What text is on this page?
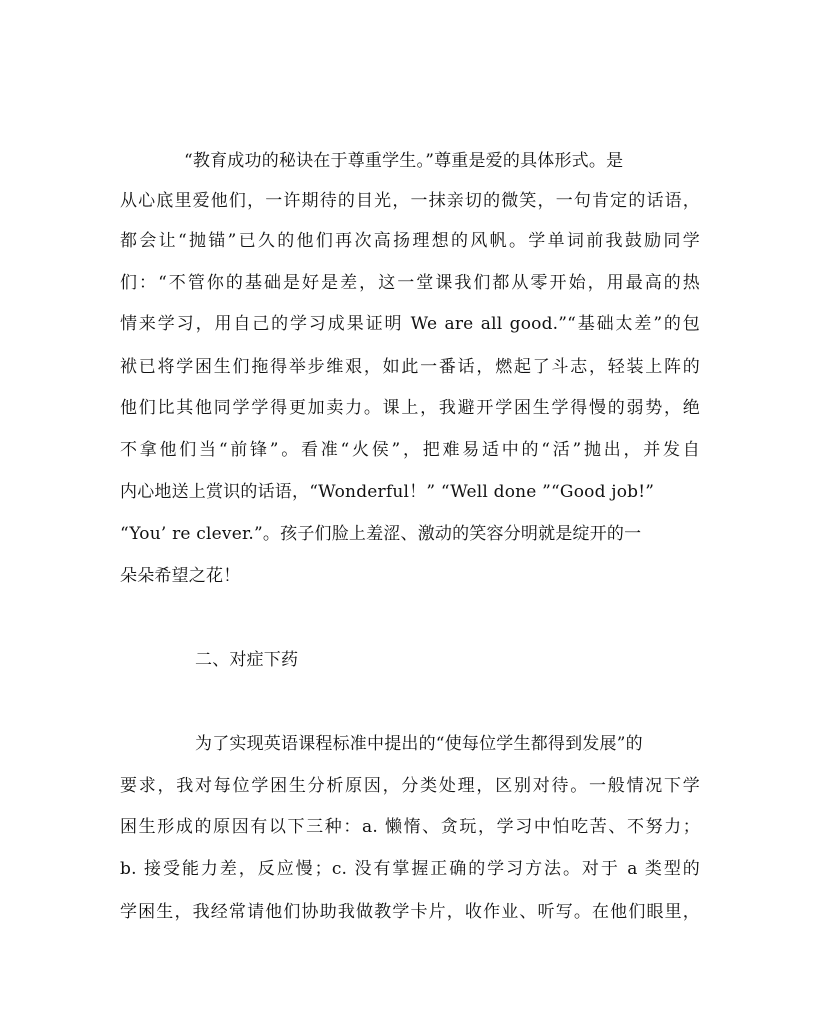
“教育成功的秘诀在于尊重学生。”尊重是爱的具体形式。是
从心底里爱他们，一许期待的目光，一抹亲切的微笑，一句肯定的话语，
都会让“抛锚”已久的他们再次高扬理想的风帆。学单词前我鼓励同学
们：“不管你的基础是好是差，这一堂课我们都从零开始，用最高的热
情来学习，用自己的学习成果证明 We are all good.”“基础太差”的包
袱已将学困生们拖得举步维艰，如此一番话，燃起了斗志，轻装上阵的
他们比其他同学学得更加卖力。课上，我避开学困生学得慢的弱势，绝
不拿他们当“前锋”。看准“火侯”，把难易适中的“活”抛出，并发自
内心地送上赏识的话语，“Wonderful！” “Well done ”“Good job!”
“You’ re clever.”。孩子们脸上羞涩、激动的笑容分明就是绽开的一
朵朵希望之花！
二、对症下药
为了实现英语课程标准中提出的“使每位学生都得到发展”的
要求，我对每位学困生分析原因，分类处理，区别对待。一般情况下学
困生形成的原因有以下三种：a. 懒惰、贪玩，学习中怕吃苦、不努力；
b. 接受能力差，反应慢；c. 没有掌握正确的学习方法。对于 a 类型的
学困生，我经常请他们协助我做教学卡片，收作业、听写。在他们眼里，
